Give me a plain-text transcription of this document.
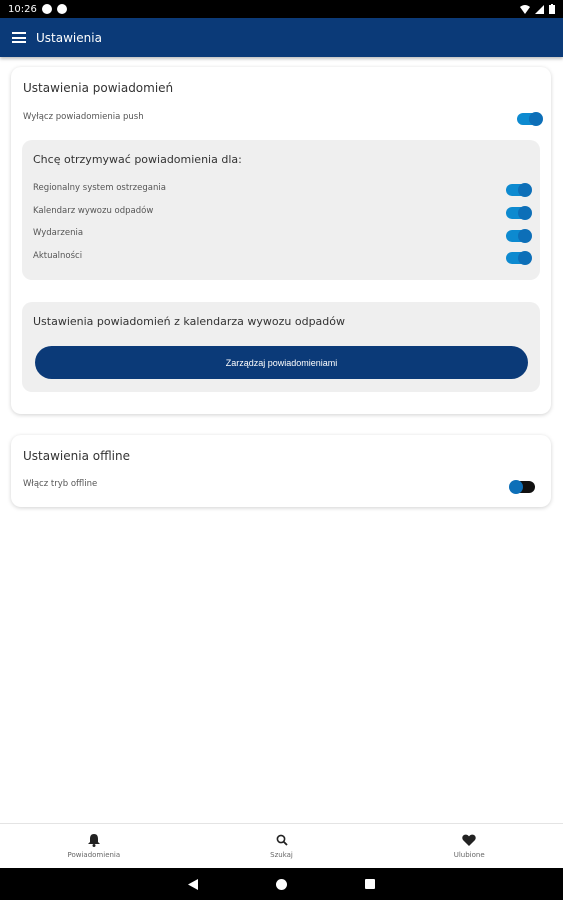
10:26
Ustawienia
Ustawienia powiadomień
Wyłącz powiadomienia push
Chcę otrzymywać powiadomienia dla:
Regionalny system ostrzegania
Kalendarz wywozu odpadów
Wydarzenia
Aktualności
Ustawienia powiadomień z kalendarza wywozu odpadów
Zarządzaj powiadomieniami
Ustawienia offline
Włącz tryb offline
Powiadomienia	Szukaj	Ulubione
